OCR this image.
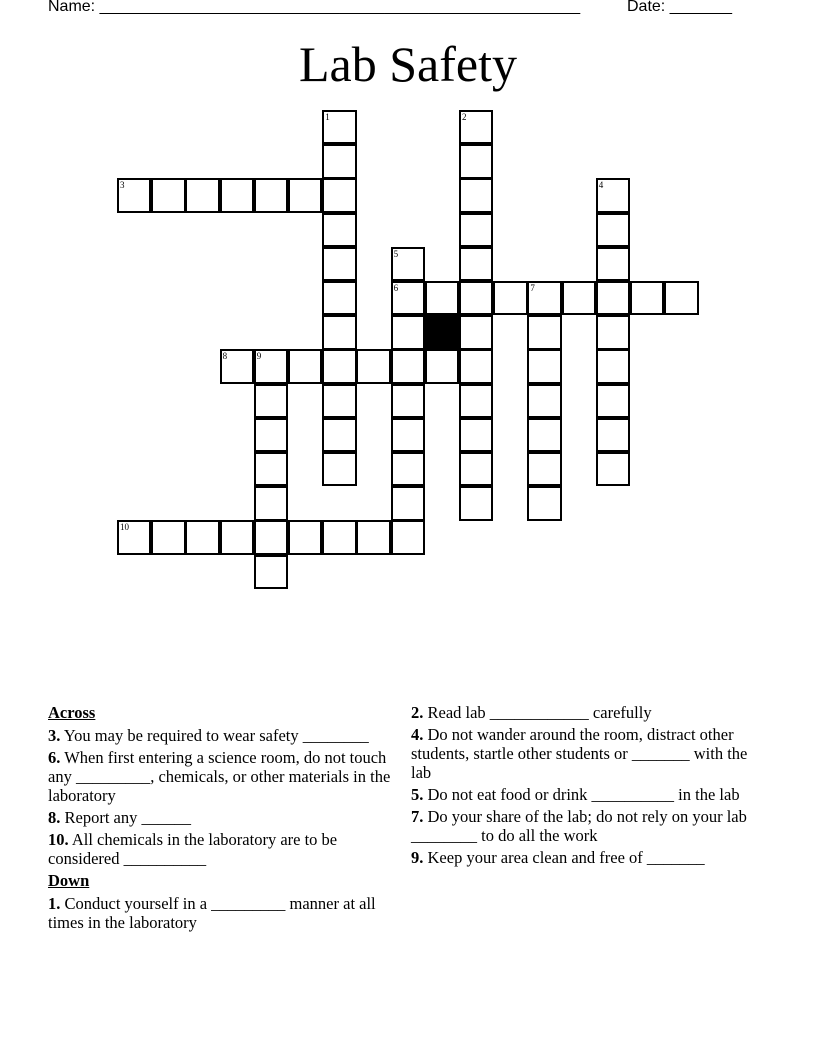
Name: ______________________________________________________	Date: _______
Lab Safety
1	2
3	4
5
6	7
8	9
10
Across
3. You may be required to wear safety ________
6. When first entering a science room, do not touch any _________, chemicals, or other materials in the laboratory
8. Report any ______
10. All chemicals in the laboratory are to be considered __________
Down
1. Conduct yourself in a _________ manner at all times in the laboratory
2. Read lab ____________ carefully
4. Do not wander around the room, distract other students, startle other students or _______ with the lab
5. Do not eat food or drink __________ in the lab
7. Do your share of the lab; do not rely on your lab ________ to do all the work
9. Keep your area clean and free of _______
